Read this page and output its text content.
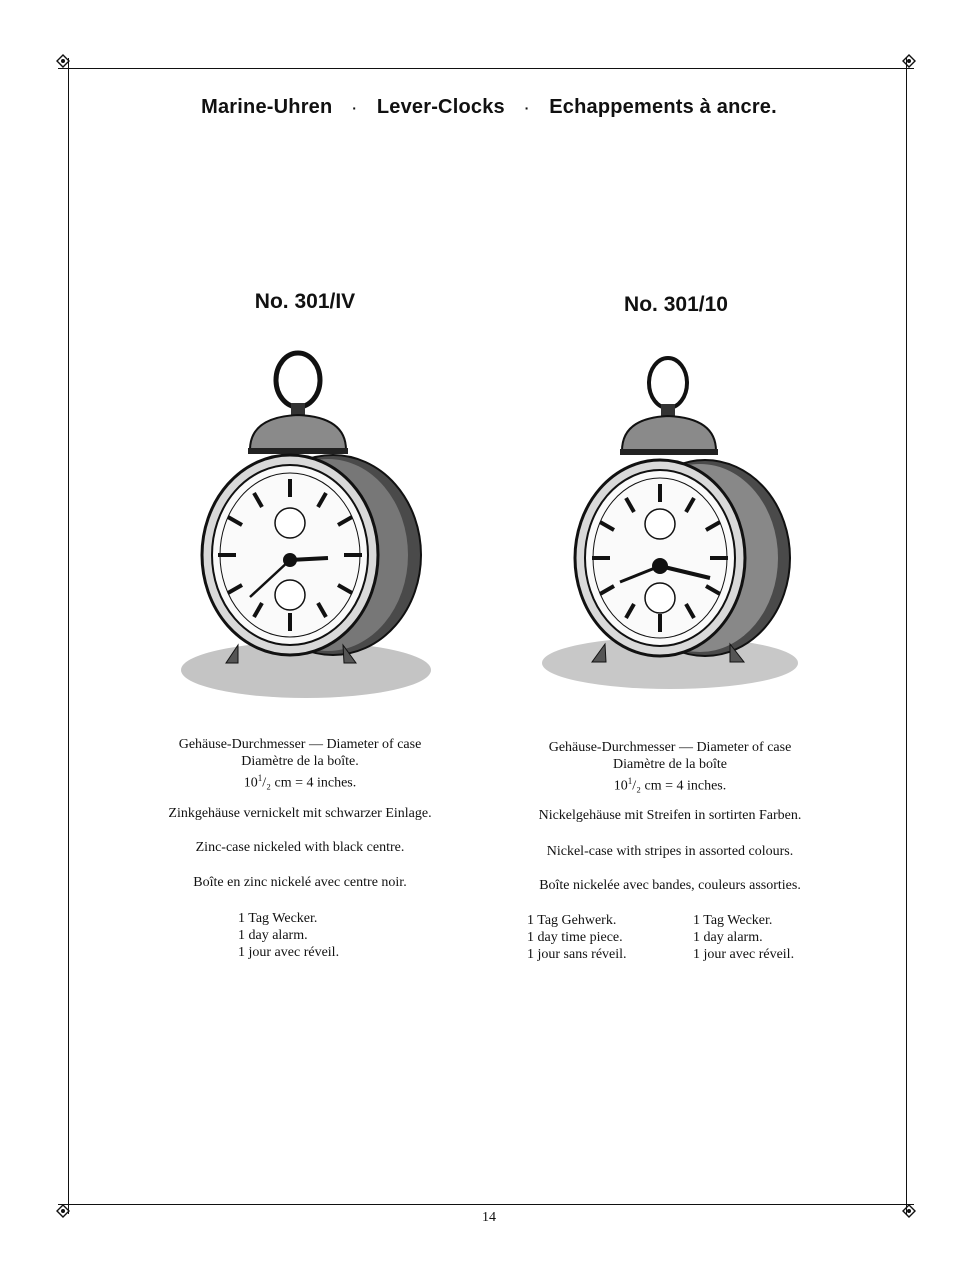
Marine-Uhren · Lever-Clocks · Echappements à ancre.
No. 301/IV

Gehäuse-Durchmesser — Diameter of case

Diamètre de la boîte.

$10^1/_2$ cm = 4 inches.

Zinkgehäuse vernickelt mit schwarzer Einlage.
Zinc-case nickeled with black centre.
Boîte en zinc nickelé avec centre noir.
1 Tag Wecker.
1 day alarm.
1 jour avec réveil.
No. 301/10

Gehäuse-Durchmesser — Diameter of case

Diamètre de la boîte

$10^1/_2$ cm = 4 inches.

Nickelgehäuse mit Streifen in sortirten Farben.
Nickel-case with stripes in assorted colours.
Boîte nickelée avec bandes, couleurs assorties.
1 Tag Gehwerk.
1 day time piece.
1 jour sans réveil.
1 Tag Wecker.
1 day alarm.
1 jour avec réveil.
14
